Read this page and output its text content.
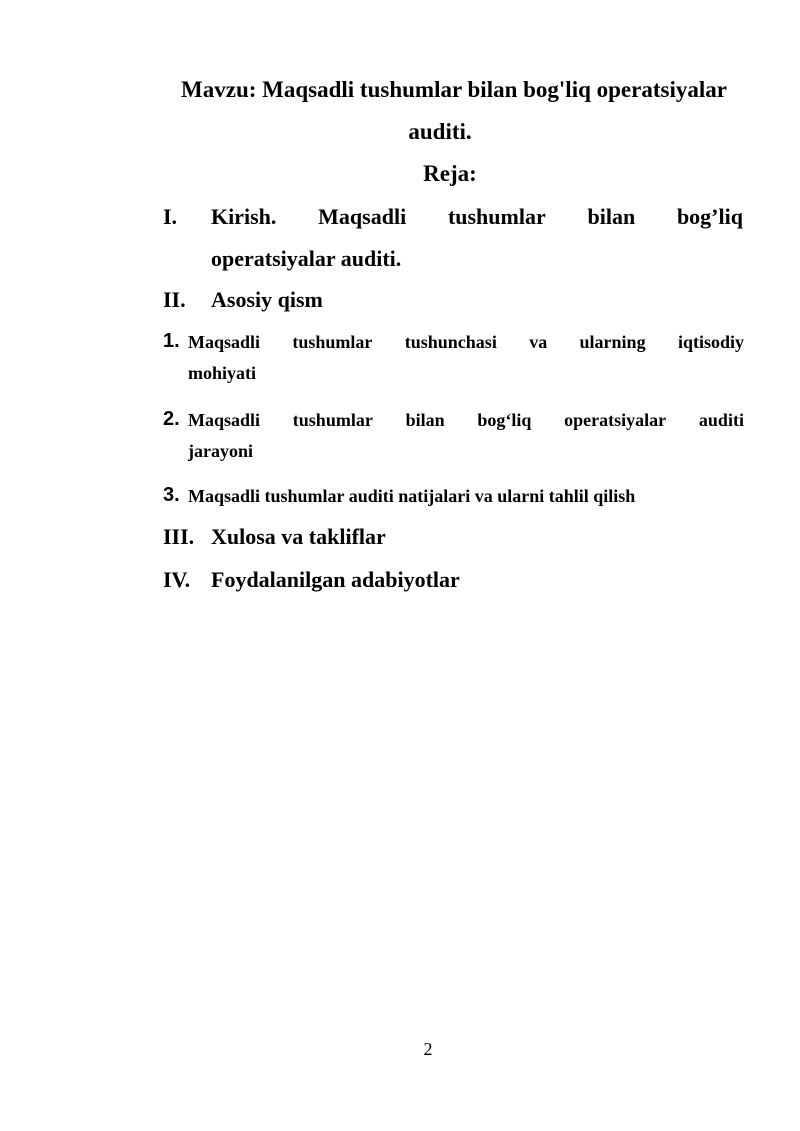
Mavzu: Maqsadli tushumlar bilan bog'liq operatsiyalar
auditi.
Reja:
I. Kirish. Maqsadli tushumlar bilan bog’liq
operatsiyalar auditi.
II. Asosiy qism
1. Maqsadli tushumlar tushunchasi va ularning iqtisodiy
mohiyati
2. Maqsadli tushumlar bilan bog‘liq operatsiyalar auditi
jarayoni
3. Maqsadli tushumlar auditi natijalari va ularni tahlil qilish
III. Xulosa va takliflar
IV. Foydalanilgan adabiyotlar
2
